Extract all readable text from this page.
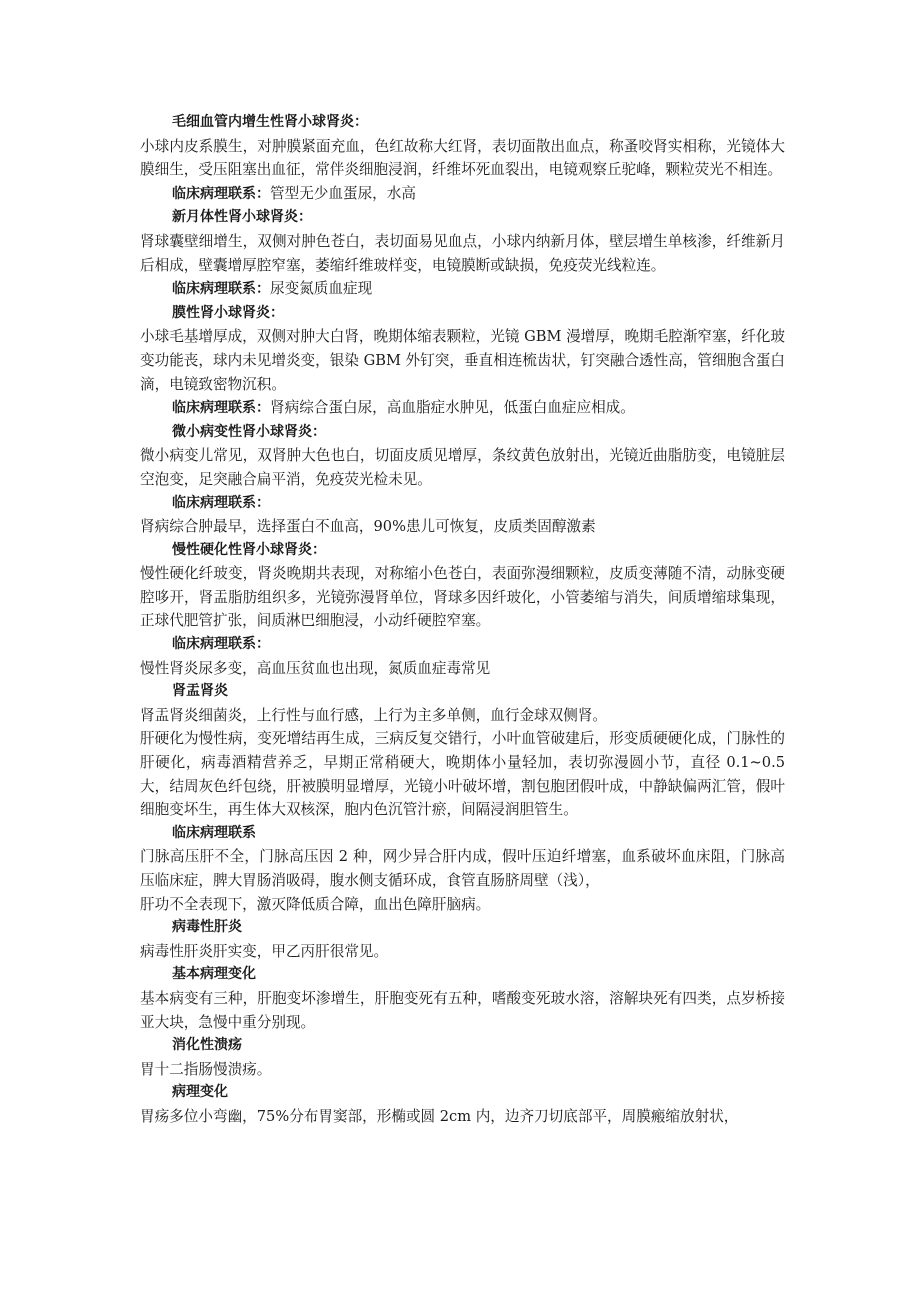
毛细血管内增生性肾小球肾炎：

小球内皮系膜生，对肿膜紧面充血，色红故称大红肾，表切面散出血点，称蚤咬肾实相称，光镜体大膜细生，受压阻塞出血征，常伴炎细胞浸润，纤维坏死血裂出，电镜观察丘驼峰，颗粒荧光不相连。

临床病理联系：管型无少血蛋尿，水高

新月体性肾小球肾炎：

肾球囊壁细增生，双侧对肿色苍白，表切面易见血点，小球内纳新月体，壁层增生单核渗，纤维新月后相成，壁囊增厚腔窄塞，萎缩纤维玻样变，电镜膜断或缺损，免疫荧光线粒连。

临床病理联系：尿变氮质血症现

膜性肾小球肾炎：

小球毛基增厚成，双侧对肿大白肾，晚期体缩表颗粒，光镜 GBM 漫增厚，晚期毛腔渐窄塞，纤化玻变功能丧，球内未见增炎变，银染 GBM 外钉突，垂直相连梳齿状，钉突融合透性高，管细胞含蛋白滴，电镜致密物沉积。

临床病理联系：肾病综合蛋白尿，高血脂症水肿见，低蛋白血症应相成。

微小病变性肾小球肾炎：

微小病变儿常见，双肾肿大色也白，切面皮质见增厚，条纹黄色放射出，光镜近曲脂肪变，电镜脏层空泡变，足突融合扁平消，免疫荧光检未见。

临床病理联系：

肾病综合肿最早，选择蛋白不血高，90%患儿可恢复，皮质类固醇激素

慢性硬化性肾小球肾炎：

慢性硬化纤玻变，肾炎晚期共表现，对称缩小色苍白，表面弥漫细颗粒，皮质变薄随不清，动脉变硬腔哆开，肾盂脂肪组织多，光镜弥漫肾单位，肾球多因纤玻化，小管萎缩与消失，间质增缩球集现，正球代肥管扩张，间质淋巴细胞浸，小动纤硬腔窄塞。

临床病理联系：

慢性肾炎尿多变，高血压贫血也出现，氮质血症毒常见

肾盂肾炎

肾盂肾炎细菌炎，上行性与血行感，上行为主多单侧，血行金球双侧肾。

肝硬化为慢性病，变死增结再生成，三病反复交错行，小叶血管破建后，形变质硬硬化成，门脉性的肝硬化，病毒酒精营养乏，早期正常稍硬大，晚期体小量轻加，表切弥漫圆小节，直径 0.1~0.5 大，结周灰色纤包绕，肝被膜明显增厚，光镜小叶破坏增，割包胞团假叶成，中静缺偏两汇管，假叶细胞变坏生，再生体大双核深，胞内色沉管汁瘀，间隔浸润胆管生。

临床病理联系

门脉高压肝不全，门脉高压因 2 种，网少异合肝内成，假叶压迫纤增塞，血系破坏血床阻，门脉高压临床症，脾大胃肠消吸碍，腹水侧支循环成，食管直肠脐周壁（浅），

肝功不全表现下，激灭降低质合障，血出色障肝脑病。

病毒性肝炎

病毒性肝炎肝实变，甲乙丙肝很常见。

基本病理变化

基本病变有三种，肝胞变坏渗增生，肝胞变死有五种，嗜酸变死玻水溶，溶解块死有四类，点岁桥接亚大块，急慢中重分别现。

消化性溃疡

胃十二指肠慢溃疡。

病理变化

胃疡多位小弯幽，75%分布胃窦部，形椭或圆 2cm 内，边齐刀切底部平，周膜瘢缩放射状，
